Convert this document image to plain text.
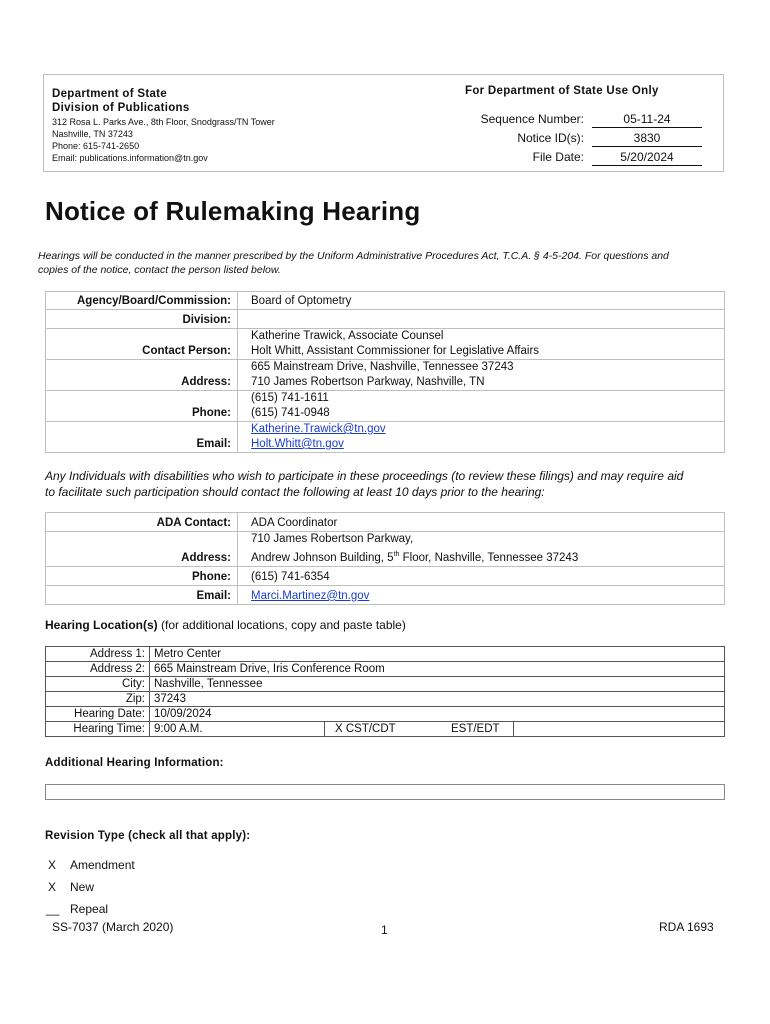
Department of State
Division of Publications
312 Rosa L. Parks Ave., 8th Floor, Snodgrass/TN Tower
Nashville, TN 37243
Phone: 615-741-2650
Email: publications.information@tn.gov
For Department of State Use Only
Sequence Number:	05-11-24
Notice ID(s):	3830
File Date:	5/20/2024
Notice of Rulemaking Hearing
Hearings will be conducted in the manner prescribed by the Uniform Administrative Procedures Act, T.C.A. § 4-5-204. For questions and
copies of the notice, contact the person listed below.
Agency/Board/Commission:	Board of Optometry
Division:	
Contact Person:	Katherine Trawick, Associate Counsel
Holt Whitt, Assistant Commissioner for Legislative Affairs

Address:	665 Mainstream Drive, Nashville, Tennessee 37243
710 James Robertson Parkway, Nashville, TN

Phone:	(615) 741-1611
(615) 741-0948

Email:	Katherine.Trawick@tn.gov
Holt.Whitt@tn.gov
Any Individuals with disabilities who wish to participate in these proceedings (to review these filings) and may require aid
to facilitate such participation should contact the following at least 10 days prior to the hearing:
ADA Contact:	ADA Coordinator
Address:	710 James Robertson Parkway,
Andrew Johnson Building, 5th Floor, Nashville, Tennessee 37243

Phone:	(615) 741-6354
Email:	Marci.Martinez@tn.gov
Hearing Location(s) (for additional locations, copy and paste table)
Address 1:	Metro Center		
Address 2:	665 Mainstream Drive, Iris Conference Room		
City:	Nashville, Tennessee		
Zip:	37243		
Hearing Date:	10/09/2024		
Hearing Time:	9:00 A.M.	X CST/CDT	EST/EDT
Additional Hearing Information:
Revision Type (check all that apply):
X Amendment
X New
__ Repeal
SS-7037 (March 2020)	1	RDA 1693
